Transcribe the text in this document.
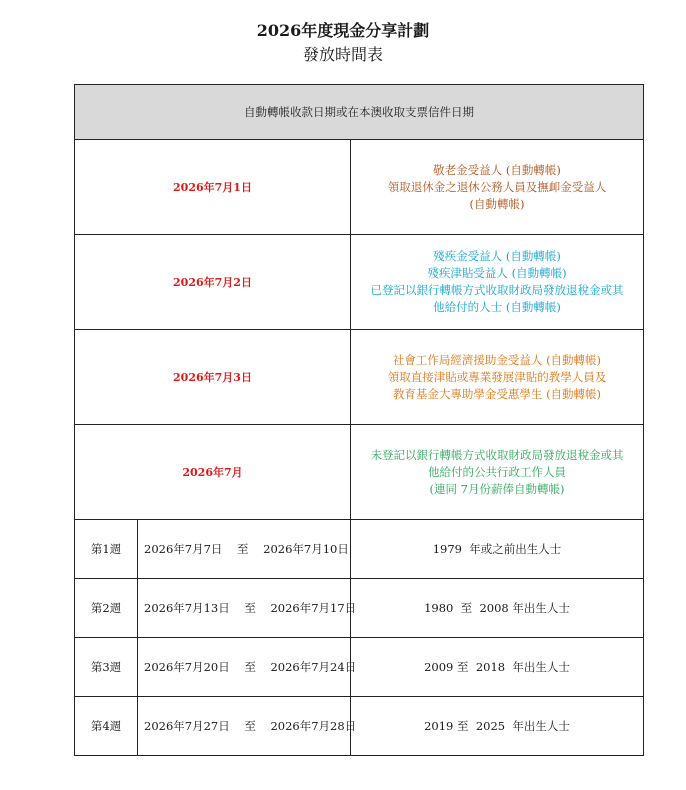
2026年度現金分享計劃
發放時間表
自動轉帳收款日期或在本澳收取支票信件日期		
2026年7月1日		敬老金受益人 (自動轉帳)
領取退休金之退休公務人員及撫卹金受益人
(自動轉帳)

2026年7月2日		殘疾金受益人 (自動轉帳)
殘疾津貼受益人 (自動轉帳)
已登記以銀行轉帳方式收取財政局發放退稅金或其
他給付的人士 (自動轉帳)

2026年7月3日		社會工作局經濟援助金受益人 (自動轉帳)
領取直接津貼或專業發展津貼的教學人員及
教育基金大專助學金受惠學生 (自動轉帳)

2026年7月		未登記以銀行轉帳方式收取財政局發放退稅金或其
他給付的公共行政工作人員
(連同 7月份薪俸自動轉帳)

第1週	2026年7月7日    至    2026年7月10日	1979  年或之前出生人士
第2週	2026年7月13日    至    2026年7月17日	1980  至  2008 年出生人士
第3週	2026年7月20日    至    2026年7月24日	2009 至  2018  年出生人士
第4週	2026年7月27日    至    2026年7月28日	2019 至  2025  年出生人士
